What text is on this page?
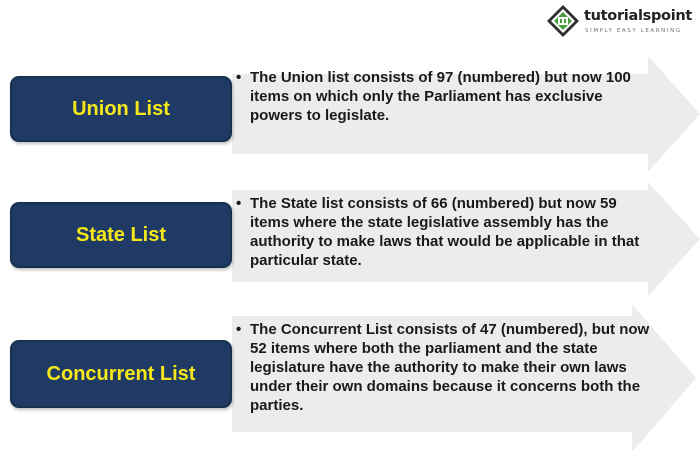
tutorialspoint
SIMPLY EASY LEARNING
Union List
• The Union list consists of 97 (numbered) but now 100 items on which only the Parliament has exclusive powers to legislate.
State List
• The State list consists of 66 (numbered) but now 59 items where the state legislative assembly has the authority to make laws that would be applicable in that particular state.
Concurrent List
• The Concurrent List consists of 47 (numbered), but now 52 items where both the parliament and the state legislature have the authority to make their own laws under their own domains because it concerns both the parties.
